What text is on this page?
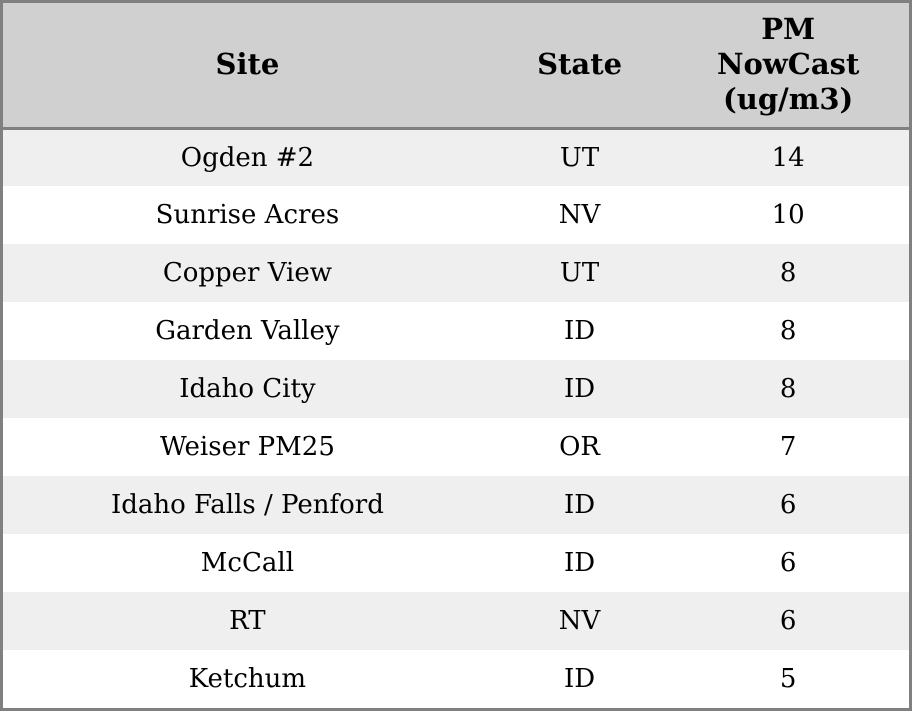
Site	State	PM
NowCast
(ug/m3)

Ogden #2	UT	14
Sunrise Acres	NV	10
Copper View	UT	8
Garden Valley	ID	8
Idaho City	ID	8
Weiser PM25	OR	7
Idaho Falls / Penford	ID	6
McCall	ID	6
RT	NV	6
Ketchum	ID	5
